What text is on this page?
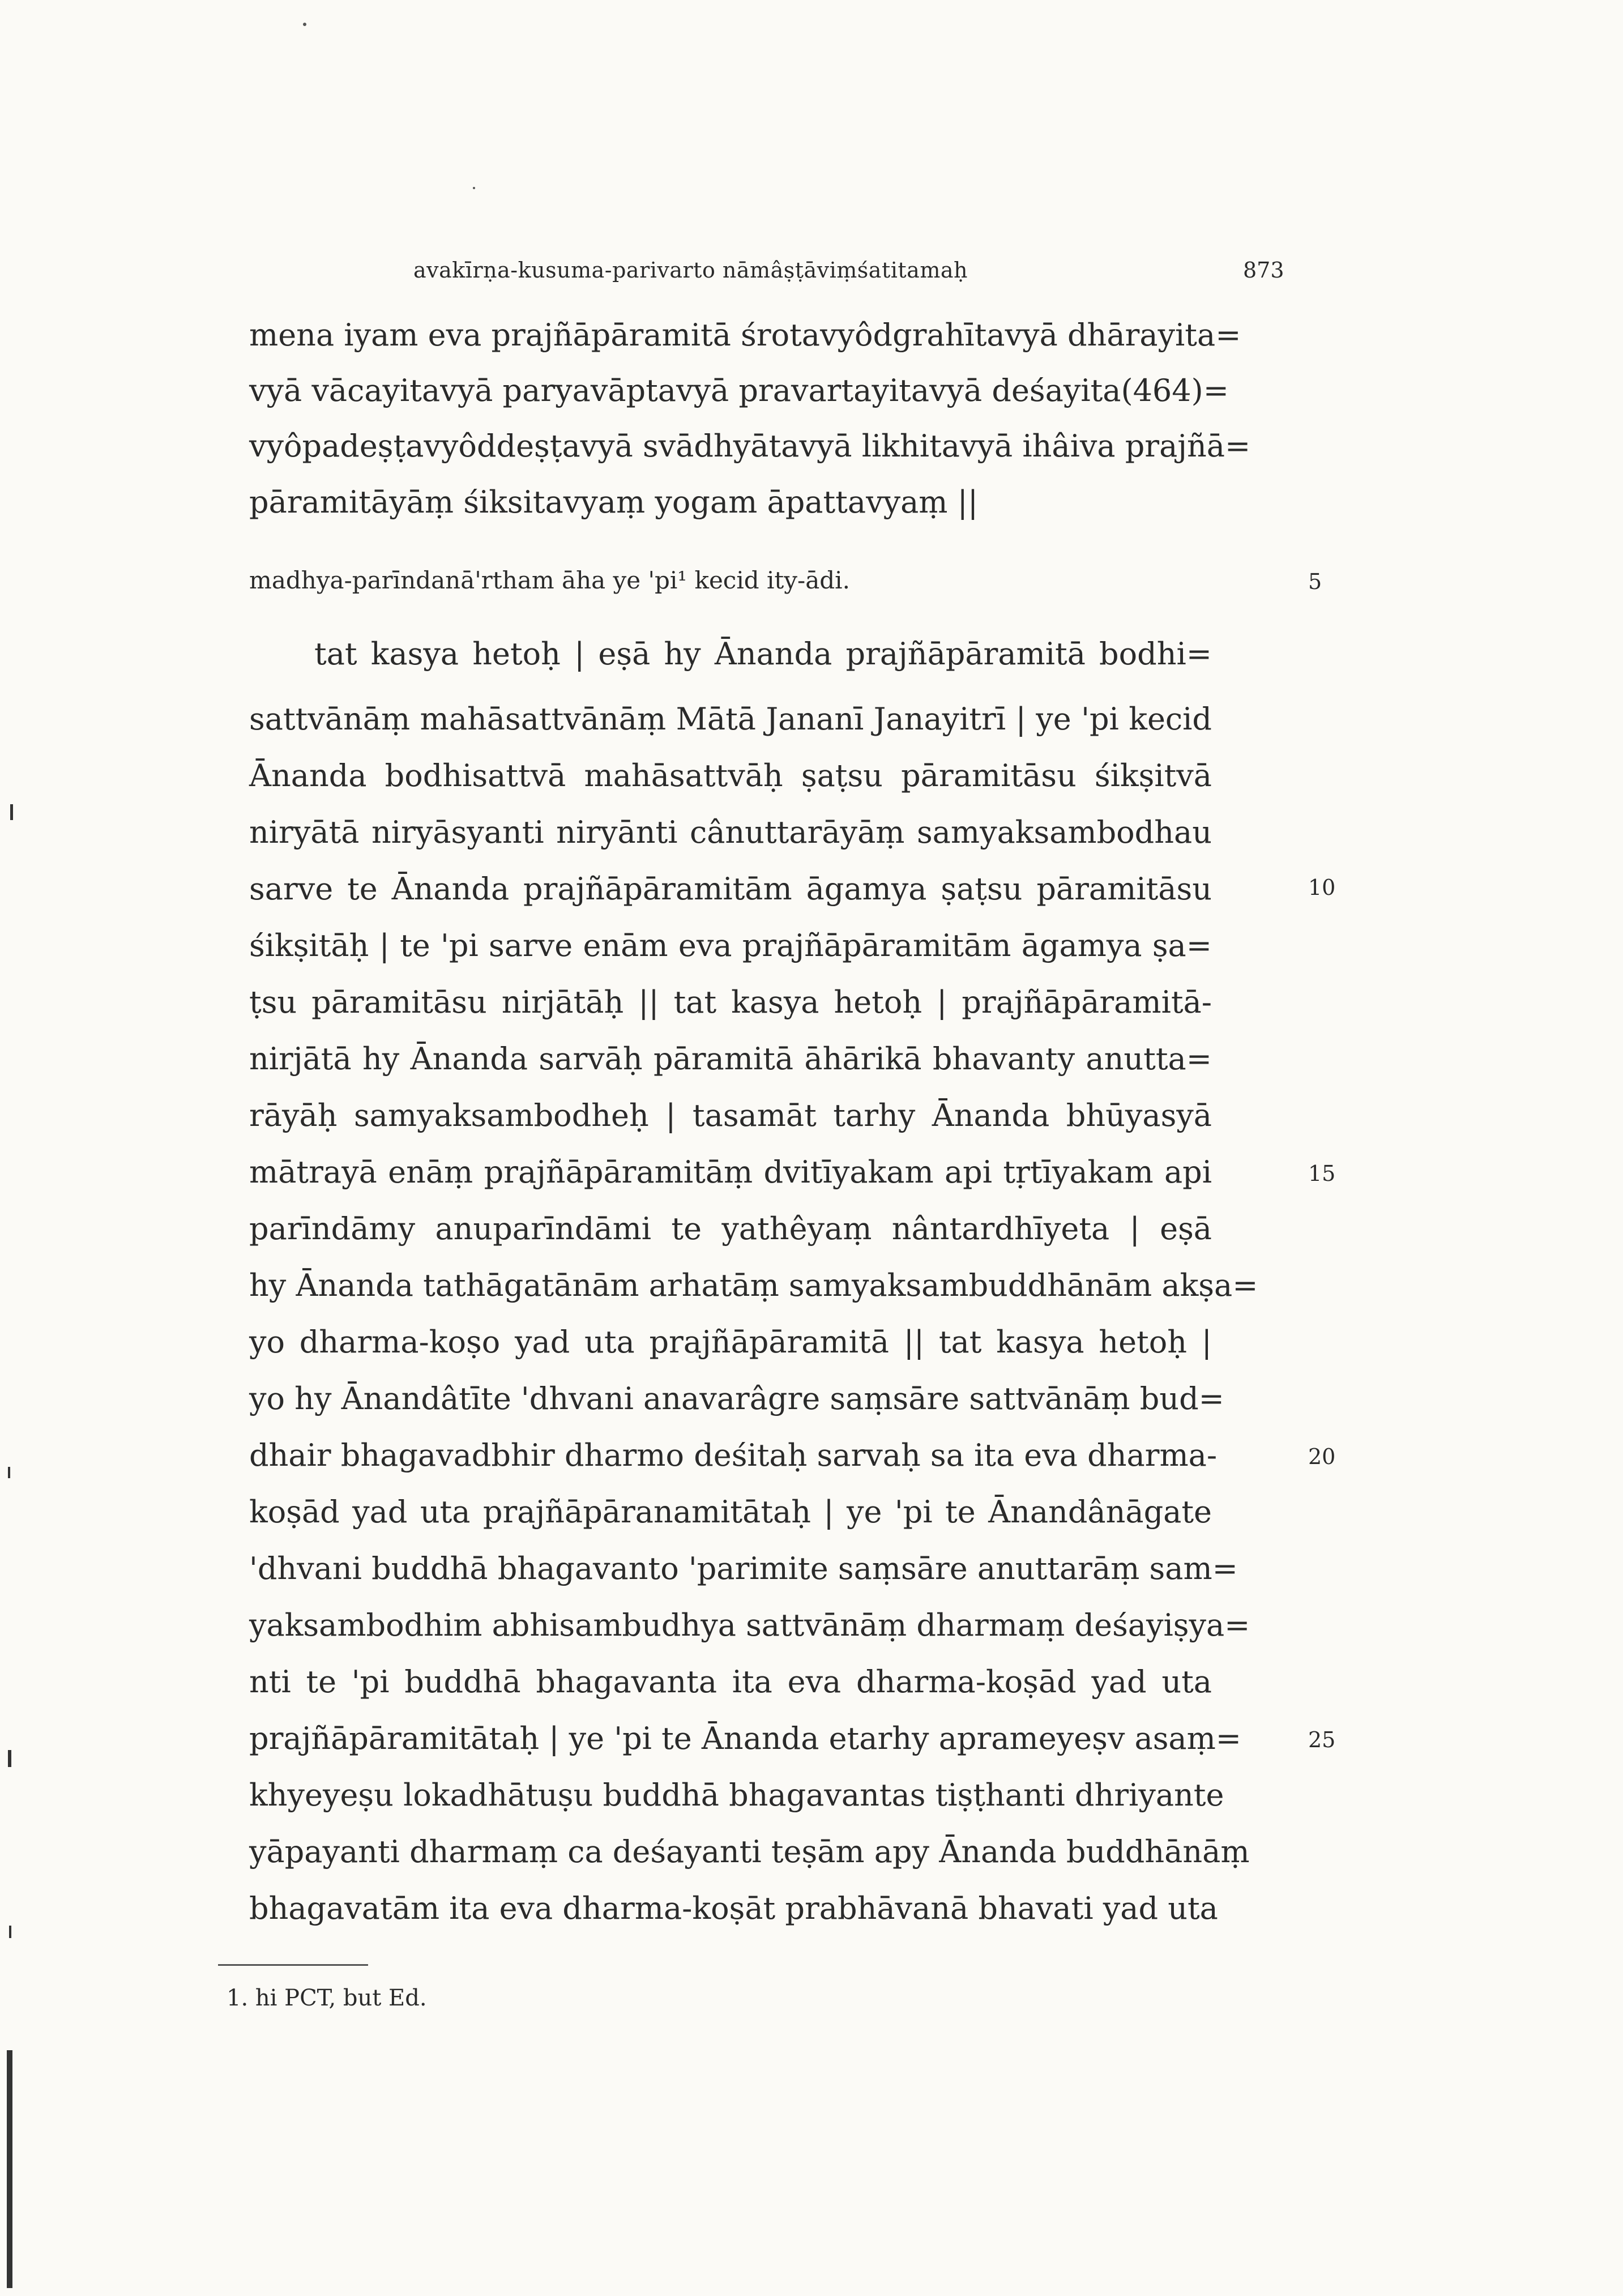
avakīrṇa-kusuma-parivarto nāmâṣṭāviṃśatitamaḥ	873
mena iyam eva prajñāpāramitā śrotavyôdgrahītavyā dhārayita=
vyā vācayitavyā paryavāptavyā pravartayitavyā deśayita(464)=
vyôpadeṣṭavyôddeṣṭavyā svādhyātavyā likhitavyā ihâiva prajñā=
pāramitāyāṃ śiksitavyaṃ yogam āpattavyaṃ ||
madhya-parīndanā'rtham āha ye 'pi¹ kecid ity-ādi.
tat kasya hetoḥ | eṣā hy Ānanda prajñāpāramitā bodhi=
sattvānāṃ mahāsattvānāṃ Mātā Jananī Janayitrī | ye 'pi kecid
Ānanda bodhisattvā mahāsattvāḥ ṣaṭsu pāramitāsu śikṣitvā
niryātā niryāsyanti niryānti cânuttarāyāṃ samyaksambodhau
sarve te Ānanda prajñāpāramitām āgamya ṣaṭsu pāramitāsu
śikṣitāḥ | te 'pi sarve enām eva prajñāpāramitām āgamya ṣa=
ṭsu pāramitāsu nirjātāḥ || tat kasya hetoḥ | prajñāpāramitā-
nirjātā hy Ānanda sarvāḥ pāramitā āhārikā bhavanty anutta=
rāyāḥ samyaksambodheḥ | tasamāt tarhy Ānanda bhūyasyā
mātrayā enāṃ prajñāpāramitāṃ dvitīyakam api tṛtīyakam api
parīndāmy anuparīndāmi te yathêyaṃ nântardhīyeta | eṣā
hy Ānanda tathāgatānām arhatāṃ samyaksambuddhānām akṣa=
yo dharma-koṣo yad uta prajñāpāramitā || tat kasya hetoḥ |
yo hy Ānandâtīte 'dhvani anavarâgre saṃsāre sattvānāṃ bud=
dhair bhagavadbhir dharmo deśitaḥ sarvaḥ sa ita eva dharma-
koṣād yad uta prajñāpāranamitātaḥ | ye 'pi te Ānandânāgate
'dhvani buddhā bhagavanto 'parimite saṃsāre anuttarāṃ sam=
yaksambodhim abhisambudhya sattvānāṃ dharmaṃ deśayiṣya=
nti te 'pi buddhā bhagavanta ita eva dharma-koṣād yad uta
prajñāpāramitātaḥ | ye 'pi te Ānanda etarhy aprameyeṣv asaṃ=
khyeyeṣu lokadhātuṣu buddhā bhagavantas tiṣṭhanti dhriyante
yāpayanti dharmaṃ ca deśayanti teṣām apy Ānanda buddhānāṃ
bhagavatām ita eva dharma-koṣāt prabhāvanā bhavati yad uta
5
10
15
20
25
1. hi PCT, but Ed.
